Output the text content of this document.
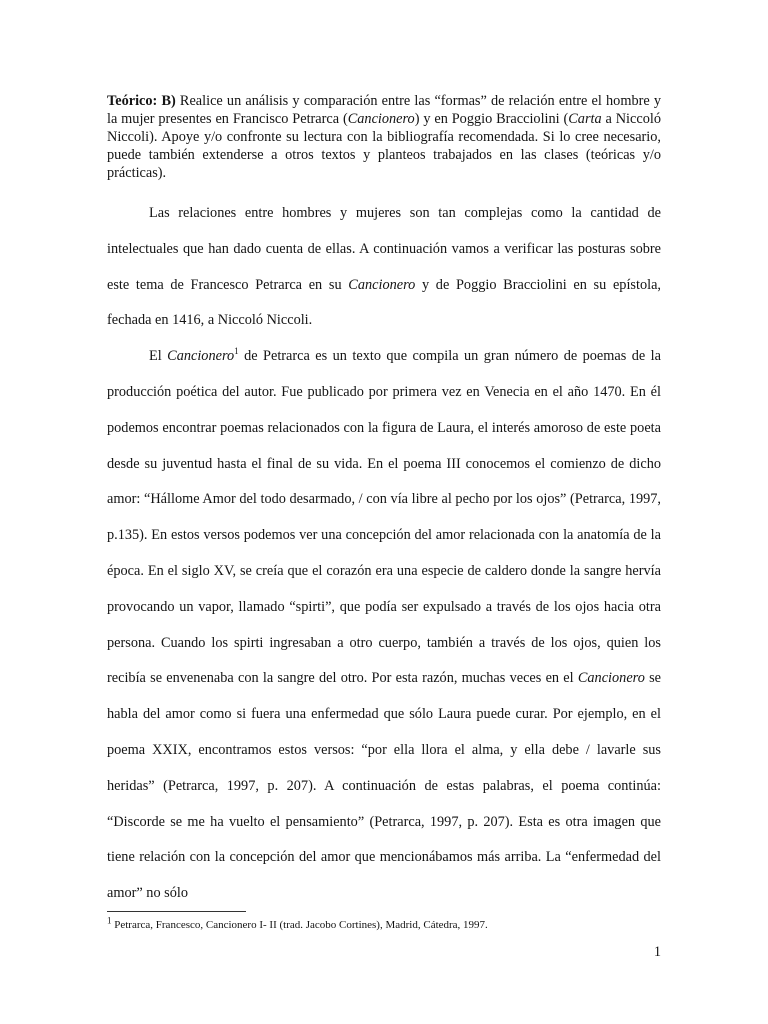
Teórico: B) Realice un análisis y comparación entre las “formas” de relación entre el hombre y la mujer presentes en Francisco Petrarca (Cancionero) y en Poggio Bracciolini (Carta a Niccoló Niccoli). Apoye y/o confronte su lectura con la bibliografía recomendada. Si lo cree necesario, puede también extenderse a otros textos y planteos trabajados en las clases (teóricas y/o prácticas).

Las relaciones entre hombres y mujeres son tan complejas como la cantidad de intelectuales que han dado cuenta de ellas. A continuación vamos a verificar las posturas sobre este tema de Francesco Petrarca en su Cancionero y de Poggio Bracciolini en su epístola, fechada en 1416, a Niccoló Niccoli.

El Cancionero$^1$ de Petrarca es un texto que compila un gran número de poemas de la producción poética del autor. Fue publicado por primera vez en Venecia en el año 1470. En él podemos encontrar poemas relacionados con la figura de Laura, el interés amoroso de este poeta desde su juventud hasta el final de su vida. En el poema III conocemos el comienzo de dicho amor: “Hállome Amor del todo desarmado, / con vía libre al pecho por los ojos” (Petrarca, 1997, p.135). En estos versos podemos ver una concepción del amor relacionada con la anatomía de la época. En el siglo XV, se creía que el corazón era una especie de caldero donde la sangre hervía provocando un vapor, llamado “spirti”, que podía ser expulsado a través de los ojos hacia otra persona. Cuando los spirti ingresaban a otro cuerpo, también a través de los ojos, quien los recibía se envenenaba con la sangre del otro. Por esta razón, muchas veces en el Cancionero se habla del amor como si fuera una enfermedad que sólo Laura puede curar. Por ejemplo, en el poema XXIX, encontramos estos versos: “por ella llora el alma, y ella debe / lavarle sus heridas” (Petrarca, 1997, p. 207). A continuación de estas palabras, el poema continúa: “Discorde se me ha vuelto el pensamiento” (Petrarca, 1997, p. 207). Esta es otra imagen que tiene relación con la concepción del amor que mencionábamos más arriba. La “enfermedad del amor” no sólo

$^1$ Petrarca, Francesco, Cancionero I- II (trad. Jacobo Cortines), Madrid, Cátedra, 1997.
1
